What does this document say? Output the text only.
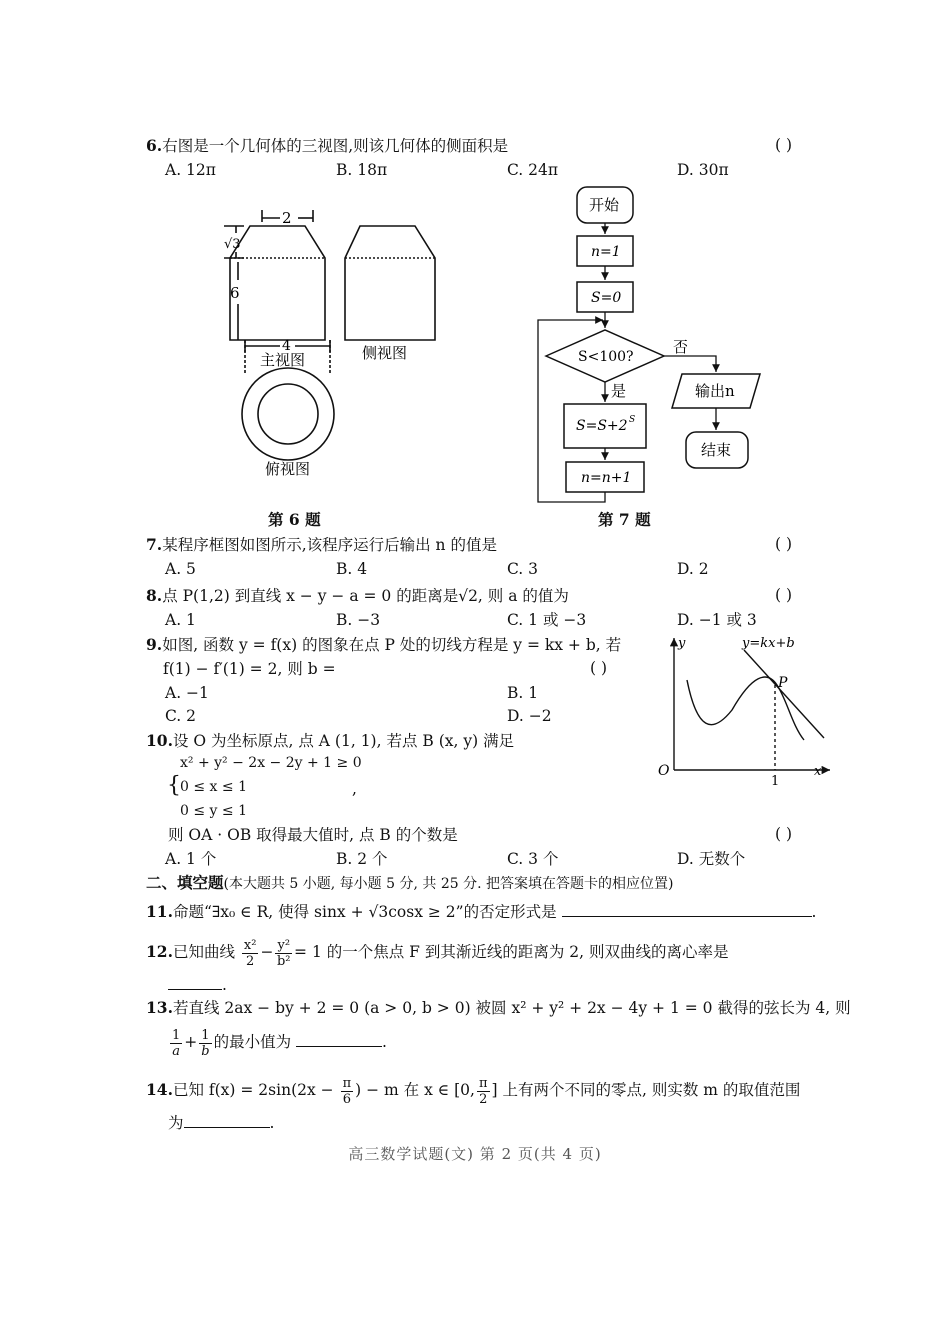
6.右图是一个几何体的三视图,则该几何体的侧面积是	( )
A. 12π	B. 18π	C. 24π	D. 30π
2
√3
6
4
主视图	侧视图
俯视图
第 6 题
开始
n=1
S=0
S<100?
否
是
S=S+2 S
n=n+1
输出n
结束
第 7 题
7.某程序框图如图所示,该程序运行后输出 n 的值是	( )
A. 5	B. 4	C. 3	D. 2
8.点 P(1,2) 到直线 x − y − a = 0 的距离是√2, 则 a 的值为	( )
A. 1	B. −3	C. 1 或 −3	D. −1 或 3
9.如图, 函数 y = f(x) 的图象在点 P 处的切线方程是 y = kx + b, 若
f(1) − f′(1) = 2, 则 b =	( )
A. −1	B. 1
C. 2	D. −2
y
x
O
1
P
y=kx+b
10.设 O 为坐标原点, 点 A (1, 1), 若点 B (x, y) 满足
{
x² + y² − 2x − 2y + 1 ≥ 0
0 ≤ x ≤ 1
0 ≤ y ≤ 1
,
则 OA · OB 取得最大值时, 点 B 的个数是	( )
A. 1 个	B. 2 个	C. 3 个	D. 无数个
二、填空题(本大题共 5 小题, 每小题 5 分, 共 25 分. 把答案填在答题卡的相应位置)
11.命题“∃x₀ ∈ R, 使得 sinx + √3cosx ≥ 2”的否定形式是	.
12.已知曲线 $\frac{\text{x²}}{2} - \frac{\text{y²}}{\text{b²}} = 1$ 的一个焦点 F 到其渐近线的距离为 2, 则双曲线的离心率是
.
13.若直线 2ax − by + 2 = 0 (a > 0, b > 0) 被圆 x² + y² + 2x − 4y + 1 = 0 截得的弦长为 4, 则
$\frac{1}{a} + \frac{1}{b}$ 的最小值为	.
14.已知 $f(x) = 2\sin(2x - \frac{\pi}{6}$ ) − m 在 x ∈ [0, $\frac{\pi}{2}$ ] 上有两个不同的零点, 则实数 m 的取值范围
为	.
高三数学试题(文) 第 2 页(共 4 页)
